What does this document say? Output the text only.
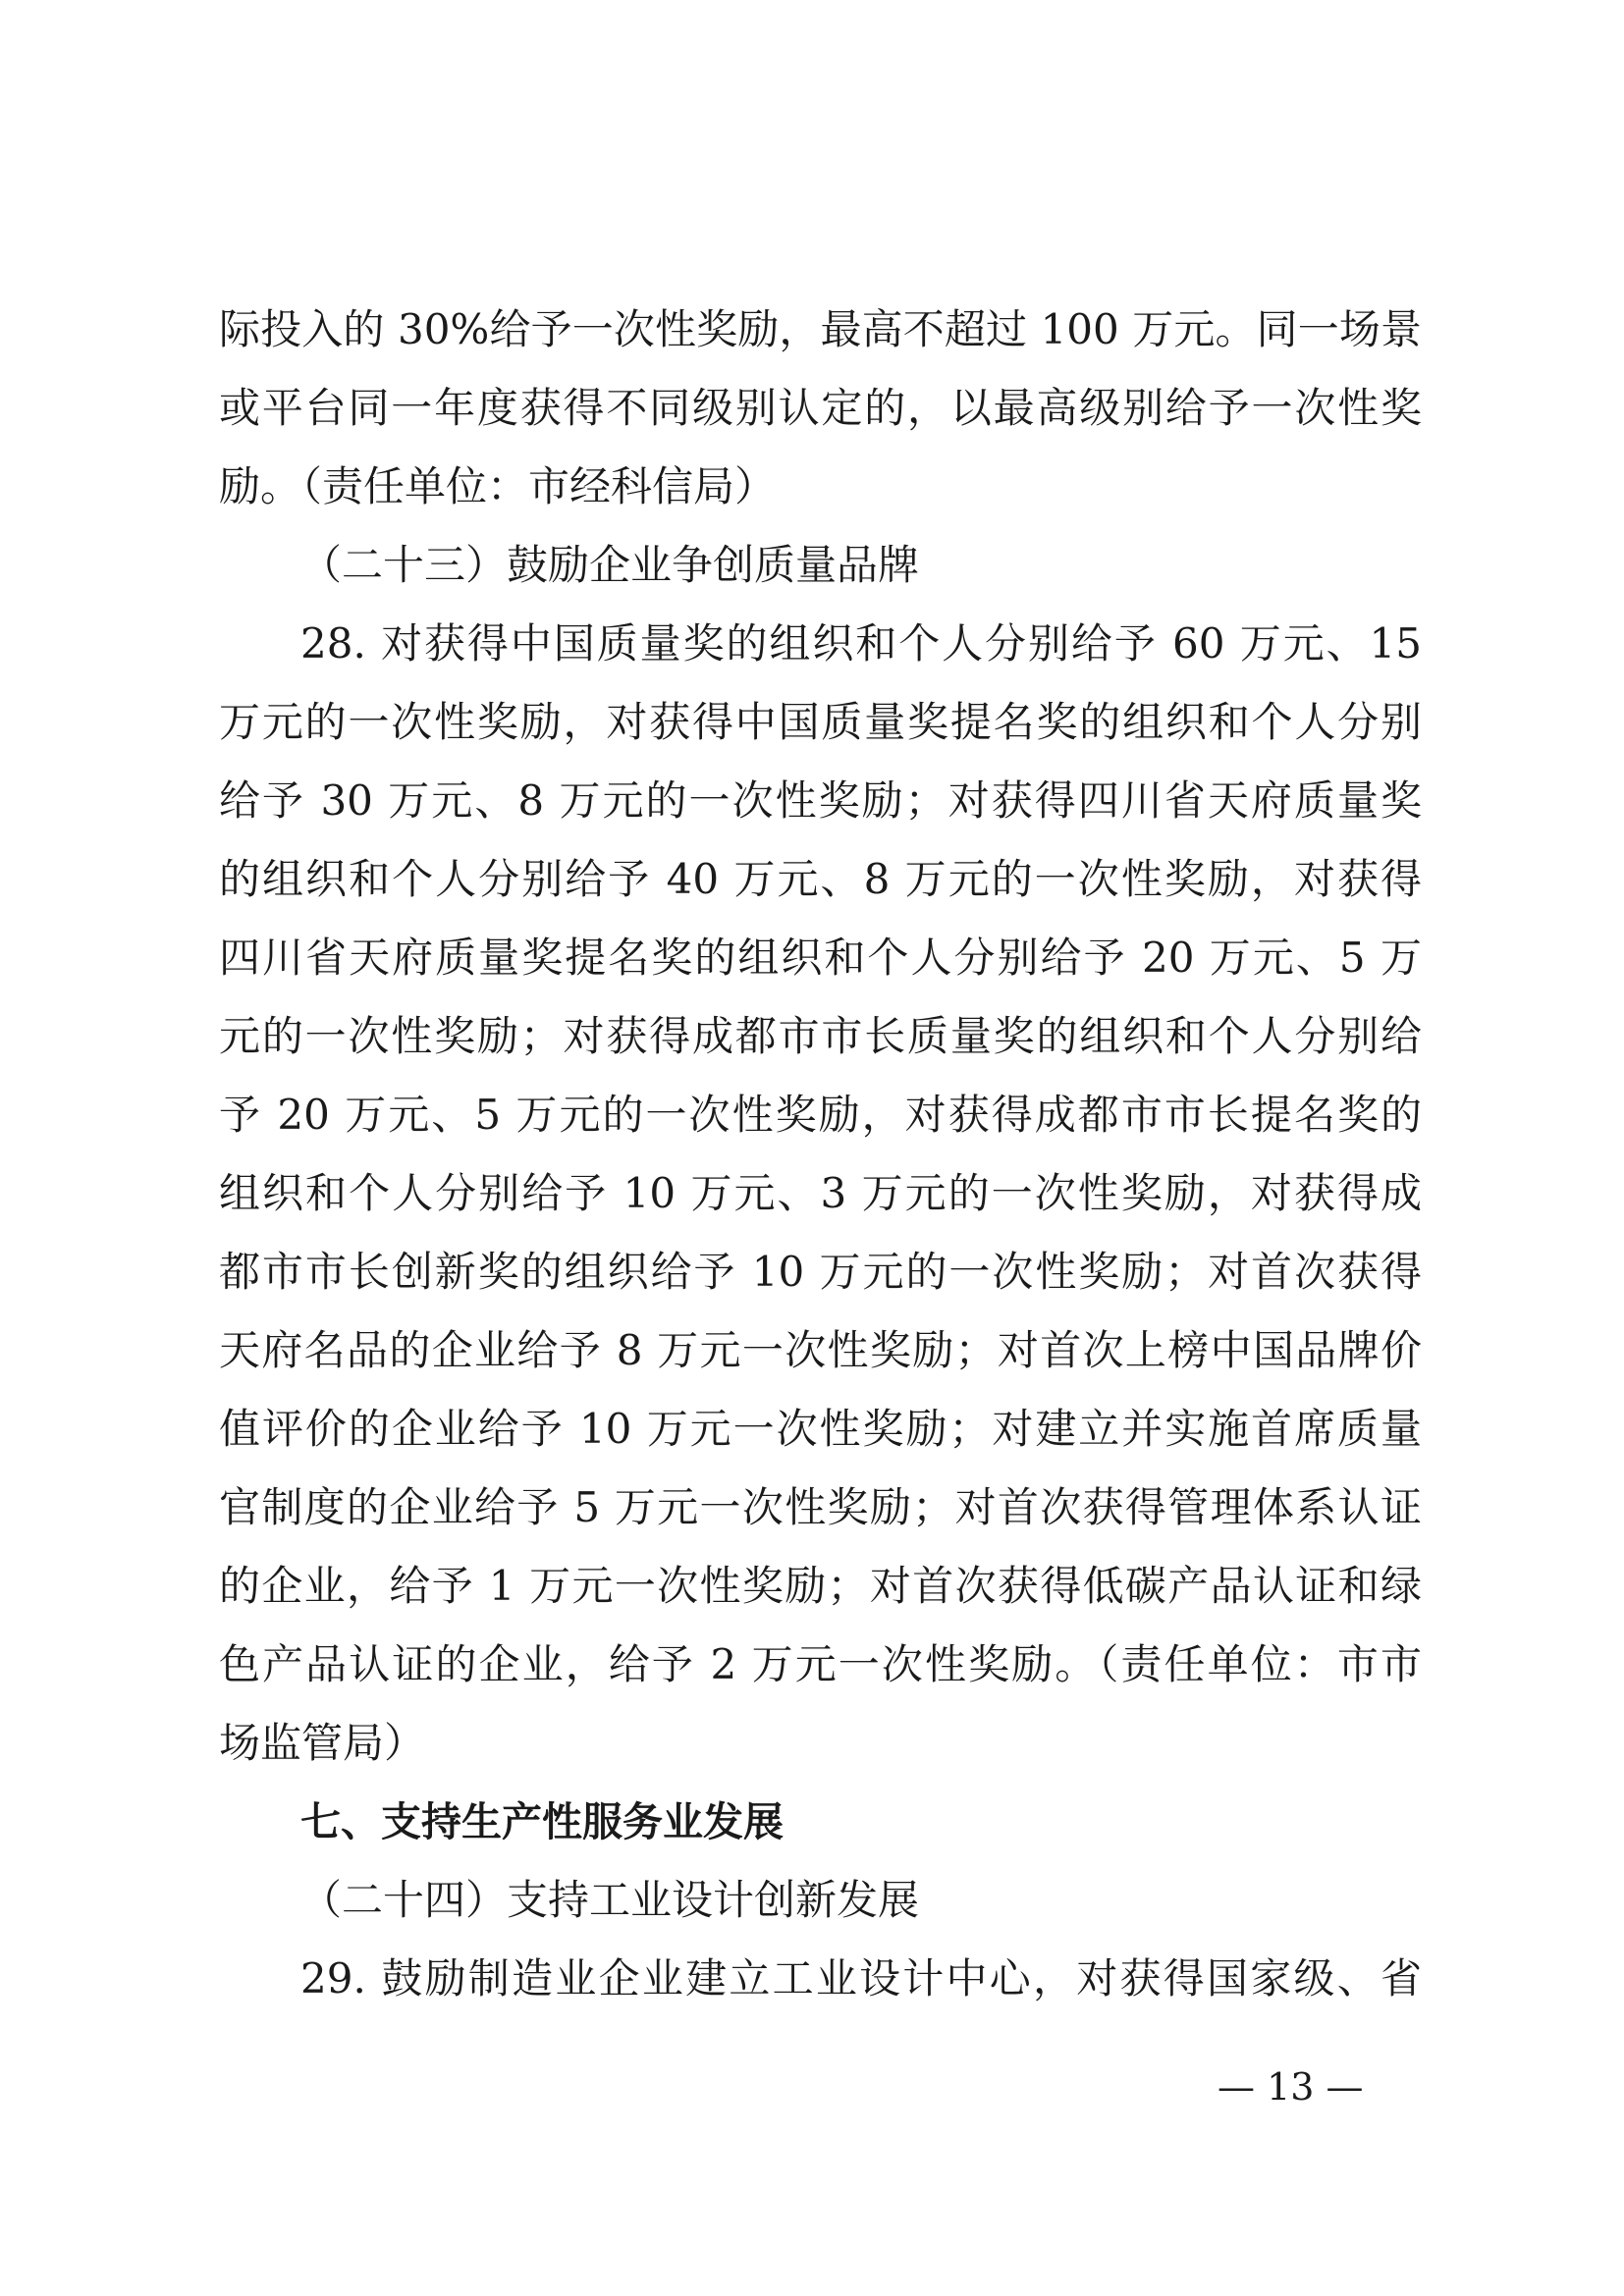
际投入的 30%给予一次性奖励，最高不超过 100 万元。同一场景
或平台同一年度获得不同级别认定的，以最高级别给予一次性奖
励。（责任单位：市经科信局）
（二十三）鼓励企业争创质量品牌
28. 对获得中国质量奖的组织和个人分别给予 60 万元、15
万元的一次性奖励，对获得中国质量奖提名奖的组织和个人分别
给予 30 万元、8 万元的一次性奖励；对获得四川省天府质量奖
的组织和个人分别给予 40 万元、8 万元的一次性奖励，对获得
四川省天府质量奖提名奖的组织和个人分别给予 20 万元、5 万
元的一次性奖励；对获得成都市市长质量奖的组织和个人分别给
予 20 万元、5 万元的一次性奖励，对获得成都市市长提名奖的
组织和个人分别给予 10 万元、3 万元的一次性奖励，对获得成
都市市长创新奖的组织给予 10 万元的一次性奖励；对首次获得
天府名品的企业给予 8 万元一次性奖励；对首次上榜中国品牌价
值评价的企业给予 10 万元一次性奖励；对建立并实施首席质量
官制度的企业给予 5 万元一次性奖励；对首次获得管理体系认证
的企业，给予 1 万元一次性奖励；对首次获得低碳产品认证和绿
色产品认证的企业，给予 2 万元一次性奖励。（责任单位：市市
场监管局）
七、支持生产性服务业发展
（二十四）支持工业设计创新发展
29. 鼓励制造业企业建立工业设计中心，对获得国家级、省
— 13 —
